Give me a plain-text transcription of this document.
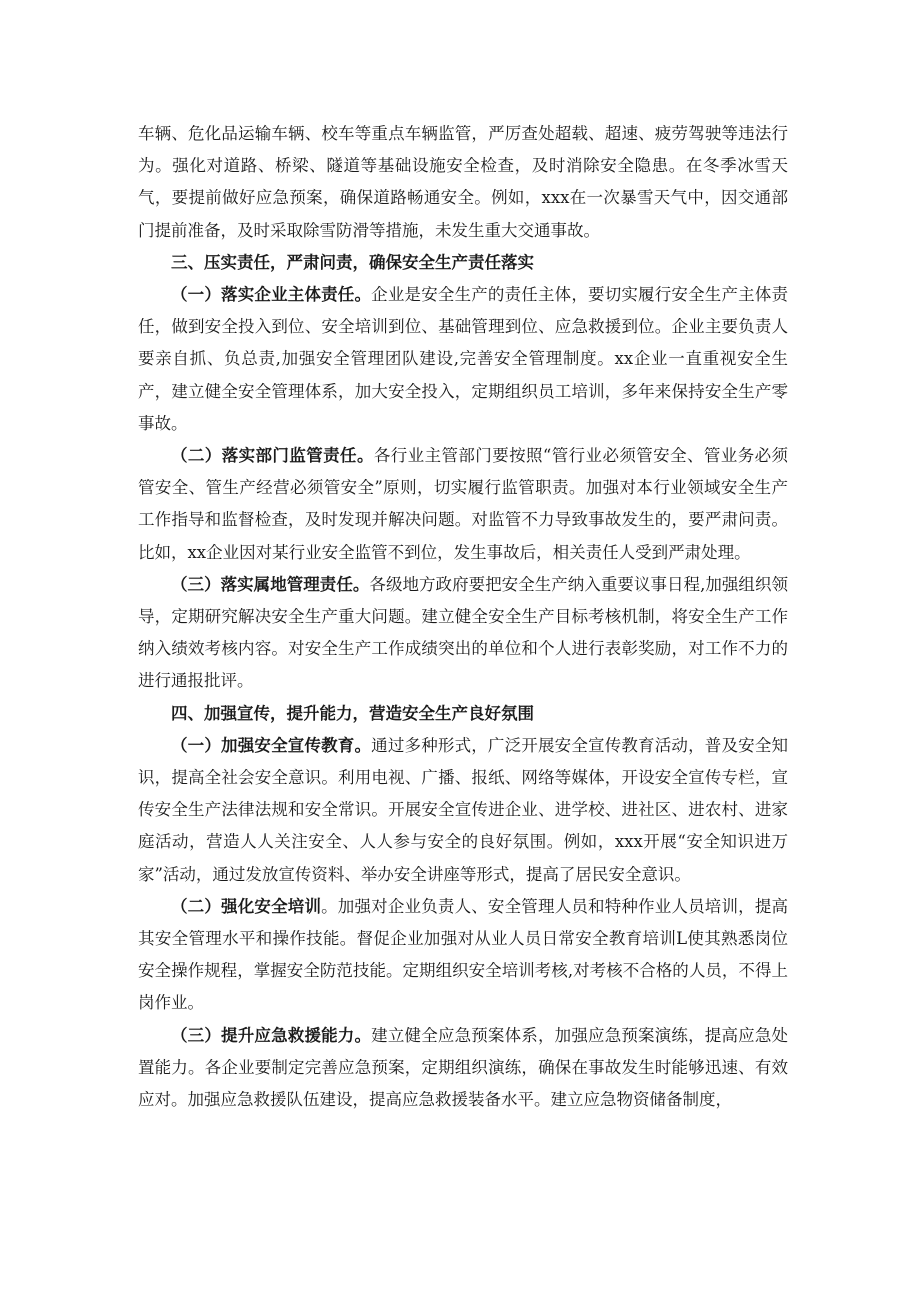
车辆、危化品运输车辆、校车等重点车辆监管，严厉查处超载、超速、疲劳驾驶等违法行为。强化对道路、桥梁、隧道等基础设施安全检查，及时消除安全隐患。在冬季冰雪天气，要提前做好应急预案，确保道路畅通安全。例如，xxx在一次暴雪天气中，因交通部门提前准备，及时采取除雪防滑等措施，未发生重大交通事故。

三、压实责任，严肃问责，确保安全生产责任落实

（一）落实企业主体责任。企业是安全生产的责任主体，要切实履行安全生产主体责任，做到安全投入到位、安全培训到位、基础管理到位、应急救援到位。企业主要负责人要亲自抓、负总责,加强安全管理团队建设,完善安全管理制度。xx企业一直重视安全生产，建立健全安全管理体系，加大安全投入，定期组织员工培训，多年来保持安全生产零事故。

（二）落实部门监管责任。各行业主管部门要按照“管行业必须管安全、管业务必须管安全、管生产经营必须管安全”原则，切实履行监管职责。加强对本行业领域安全生产工作指导和监督检查，及时发现并解决问题。对监管不力导致事故发生的，要严肃问责。比如，xx企业因对某行业安全监管不到位，发生事故后，相关责任人受到严肃处理。

（三）落实属地管理责任。各级地方政府要把安全生产纳入重要议事日程,加强组织领导，定期研究解决安全生产重大问题。建立健全安全生产目标考核机制，将安全生产工作纳入绩效考核内容。对安全生产工作成绩突出的单位和个人进行表彰奖励，对工作不力的进行通报批评。

四、加强宣传，提升能力，营造安全生产良好氛围

（一）加强安全宣传教育。通过多种形式，广泛开展安全宣传教育活动，普及安全知识，提高全社会安全意识。利用电视、广播、报纸、网络等媒体，开设安全宣传专栏，宣传安全生产法律法规和安全常识。开展安全宣传进企业、进学校、进社区、进农村、进家庭活动，营造人人关注安全、人人参与安全的良好氛围。例如，xxx开展“安全知识进万家”活动，通过发放宣传资料、举办安全讲座等形式，提高了居民安全意识。

（二）强化安全培训。加强对企业负责人、安全管理人员和特种作业人员培训，提高其安全管理水平和操作技能。督促企业加强对从业人员日常安全教育培训L使其熟悉岗位安全操作规程，掌握安全防范技能。定期组织安全培训考核,对考核不合格的人员，不得上岗作业。

（三）提升应急救援能力。建立健全应急预案体系，加强应急预案演练，提高应急处置能力。各企业要制定完善应急预案，定期组织演练，确保在事故发生时能够迅速、有效应对。加强应急救援队伍建设，提高应急救援装备水平。建立应急物资储备制度，
